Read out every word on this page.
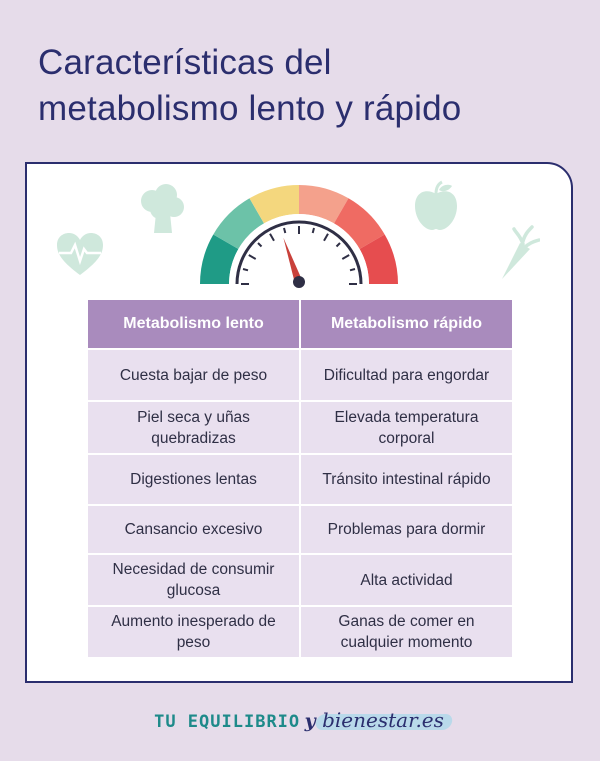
Características del
metabolismo lento y rápido
Metabolismo lento	Metabolismo rápido
Cuesta bajar de peso	Dificultad para engordar
Piel seca y uñas quebradizas	Elevada temperatura corporal
Digestiones lentas	Tránsito intestinal rápido
Cansancio excesivo	Problemas para dormir
Necesidad de consumir glucosa	Alta actividad
Aumento inesperado de peso	Ganas de comer en cualquier momento
TU EQUILIBRIO y bienestar.es
